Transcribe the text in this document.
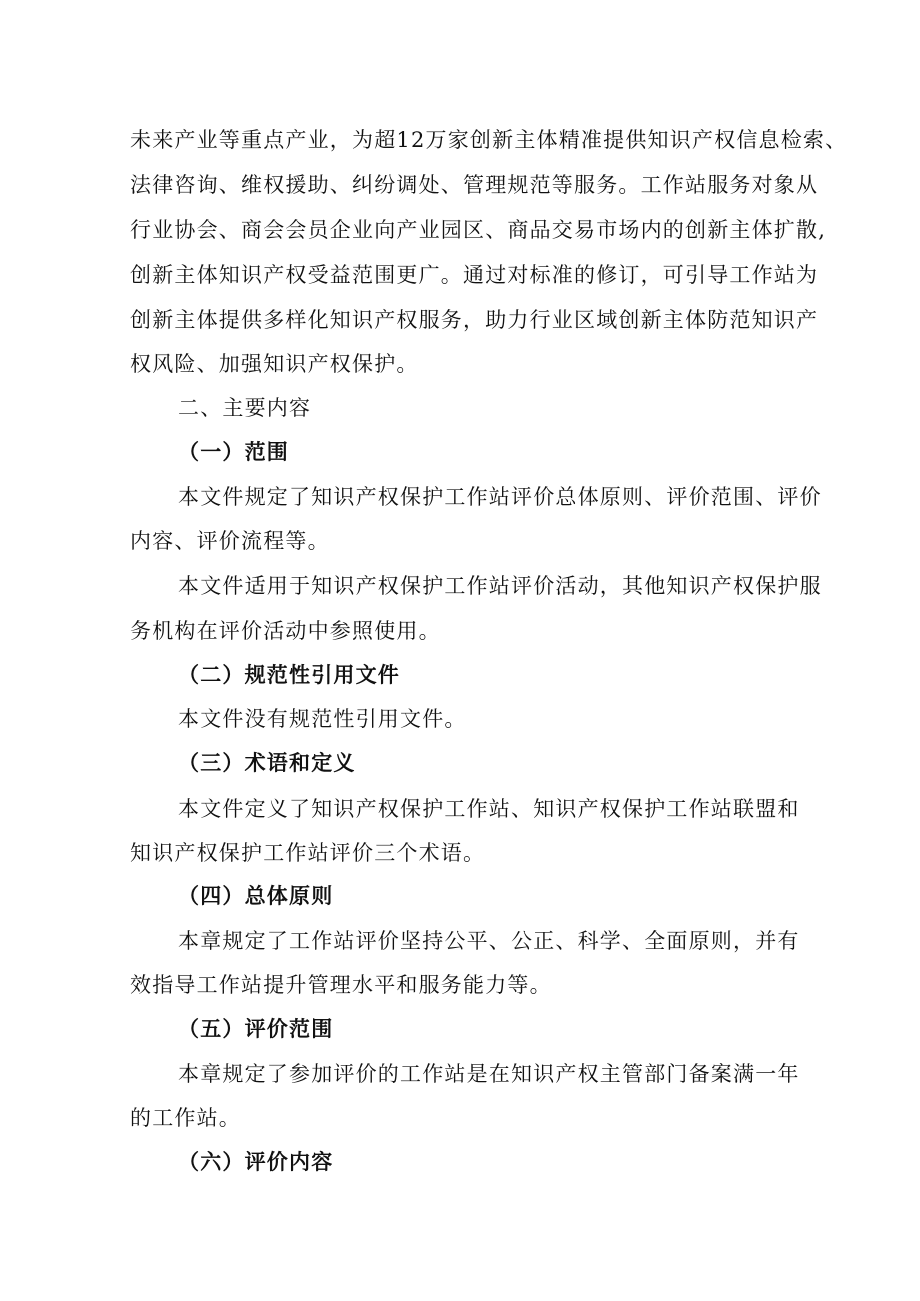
未来产业等重点产业，为超12万家创新主体精准提供知识产权信息检索、
法律咨询、维权援助、纠纷调处、管理规范等服务。工作站服务对象从
行业协会、商会会员企业向产业园区、商品交易市场内的创新主体扩散,
创新主体知识产权受益范围更广。通过对标准的修订，可引导工作站为
创新主体提供多样化知识产权服务，助力行业区域创新主体防范知识产
权风险、加强知识产权保护。
二、主要内容
（一）范围
本文件规定了知识产权保护工作站评价总体原则、评价范围、评价
内容、评价流程等。
本文件适用于知识产权保护工作站评价活动，其他知识产权保护服
务机构在评价活动中参照使用。
（二）规范性引用文件
本文件没有规范性引用文件。
（三）术语和定义
本文件定义了知识产权保护工作站、知识产权保护工作站联盟和
知识产权保护工作站评价三个术语。
（四）总体原则
本章规定了工作站评价坚持公平、公正、科学、全面原则，并有
效指导工作站提升管理水平和服务能力等。
（五）评价范围
本章规定了参加评价的工作站是在知识产权主管部门备案满一年
的工作站。
（六）评价内容
